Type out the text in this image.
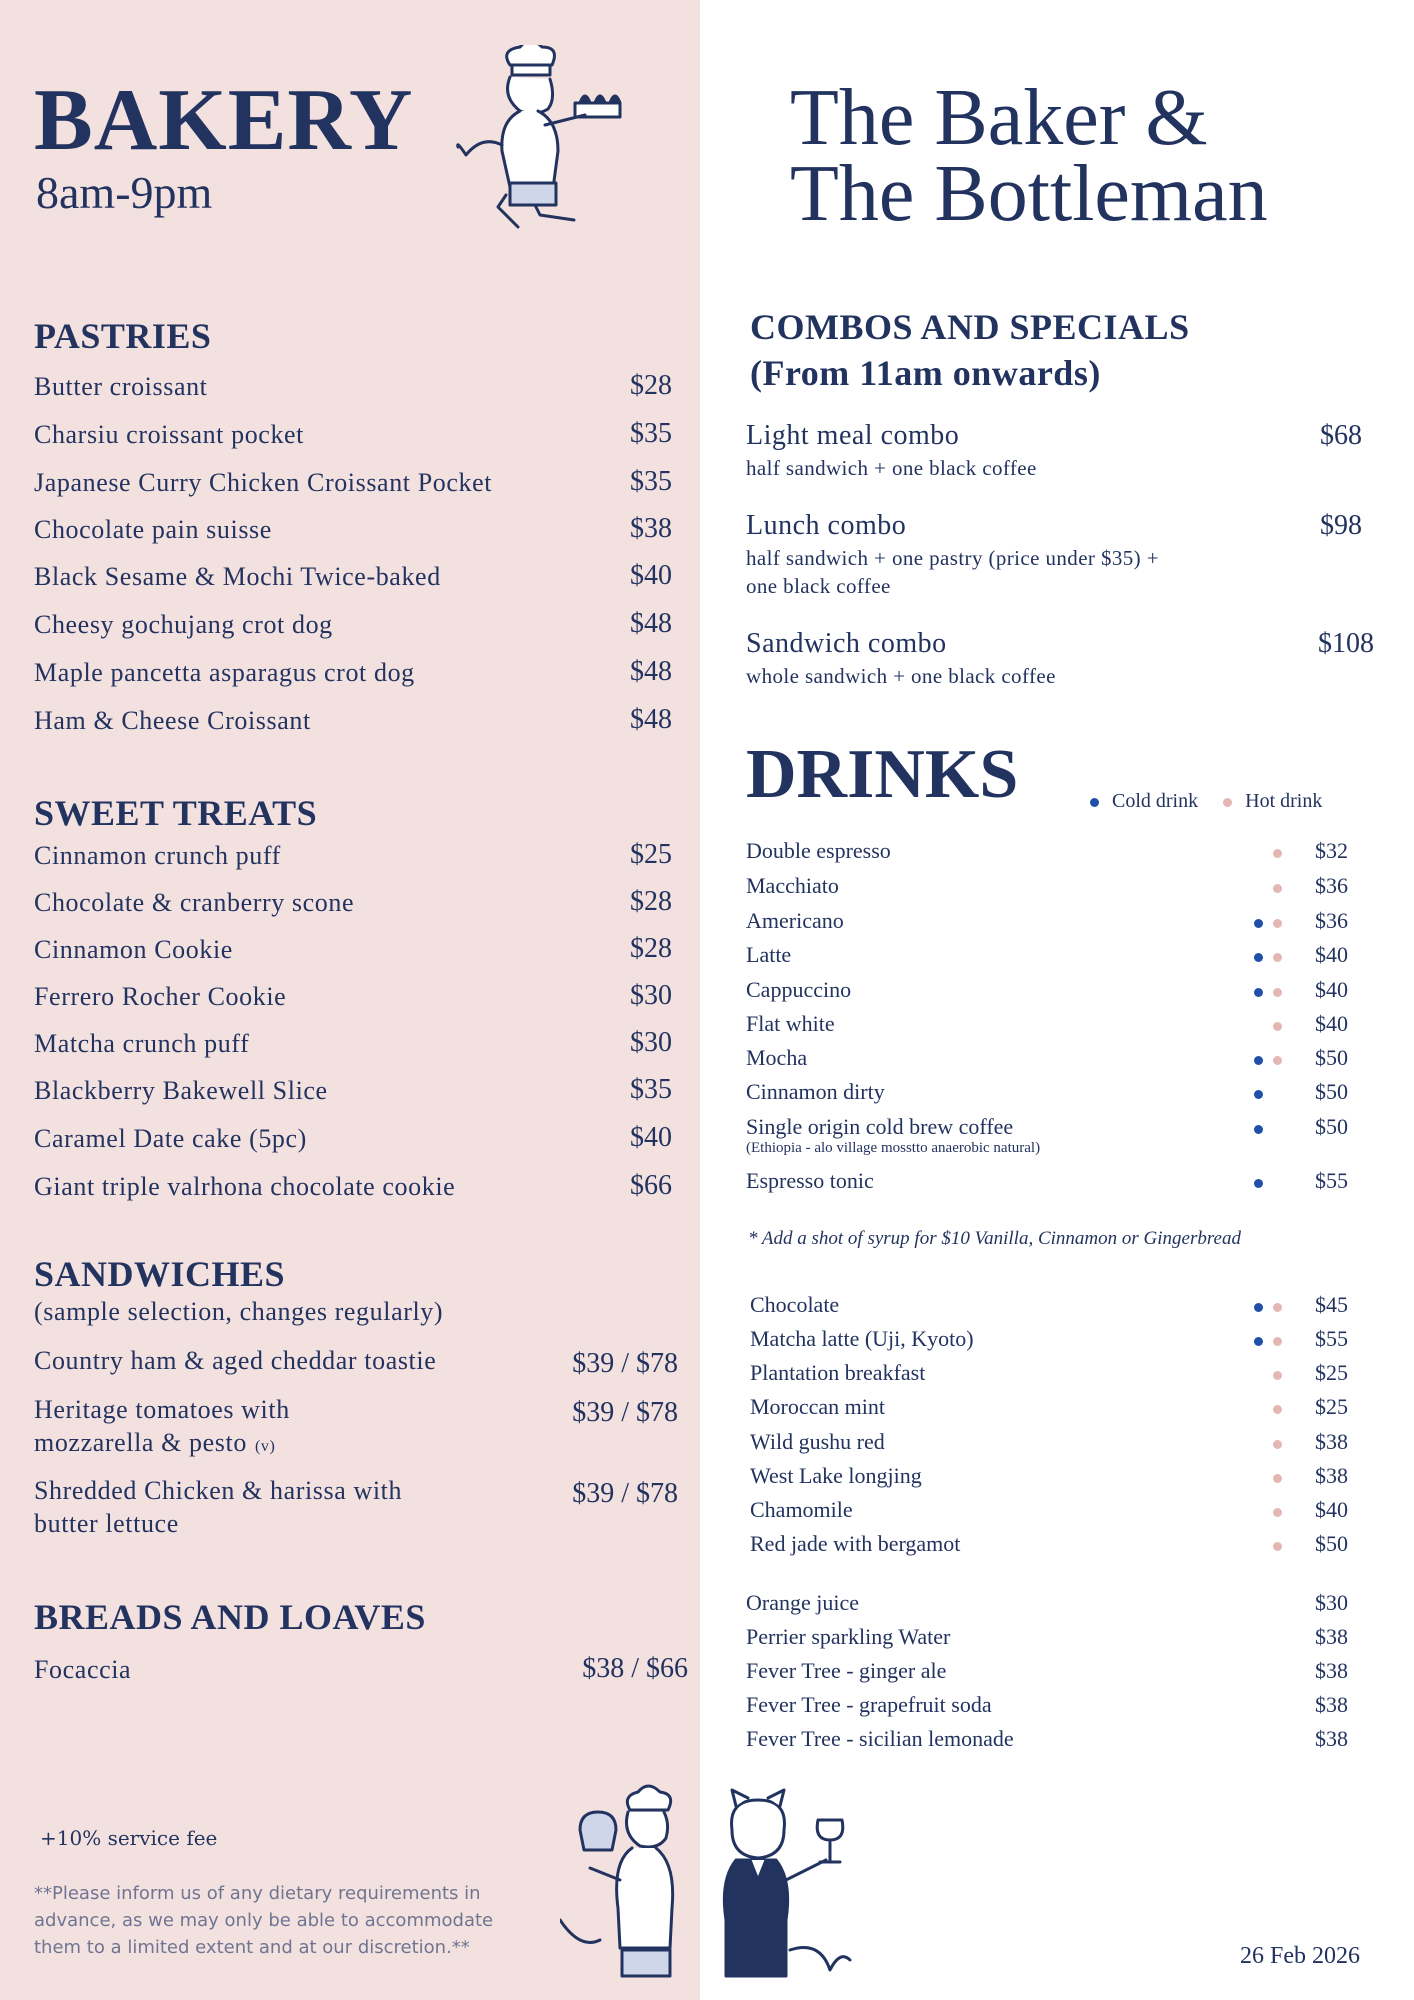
BAKERY
8am-9pm
The Baker &
The Bottleman
PASTRIES
Butter croissant	$28
Charsiu croissant pocket	$35
Japanese Curry Chicken Croissant Pocket	$35
Chocolate pain suisse	$38
Black Sesame & Mochi Twice-baked	$40
Cheesy gochujang crot dog	$48
Maple pancetta asparagus crot dog	$48
Ham & Cheese Croissant	$48
SWEET TREATS
Cinnamon crunch puff	$25
Chocolate & cranberry scone	$28
Cinnamon Cookie	$28
Ferrero Rocher Cookie	$30
Matcha crunch puff	$30
Blackberry Bakewell Slice	$35
Caramel Date cake (5pc)	$40
Giant triple valrhona chocolate cookie	$66
SANDWICHES
(sample selection, changes regularly)
Country ham & aged cheddar toastie	$39 / $78
Heritage tomatoes with
mozzarella & pesto (v)
$39 / $78
Shredded Chicken & harissa with
butter lettuce
$39 / $78
BREADS AND LOAVES
Focaccia	$38 / $66
+10% service fee
**Please inform us of any dietary requirements in advance, as we may only be able to accommodate them to a limited extent and at our discretion.**
COMBOS AND SPECIALS
(From 11am onwards)
Light meal combo
half sandwich + one black coffee
$68
Lunch combo
half sandwich + one pastry (price under $35) +
one black coffee
$98
Sandwich combo
whole sandwich + one black coffee
$108
DRINKS	Cold drink Hot drink
Double espresso	$32
Macchiato	$36
Americano	$36
Latte	$40
Cappuccino	$40
Flat white	$40
Mocha	$50
Cinnamon dirty	$50
Single origin cold brew coffee
(Ethiopia - alo village mosstto anaerobic natural)
$50
Espresso tonic	$55
* Add a shot of syrup for $10 Vanilla, Cinnamon or Gingerbread
Chocolate	$45
Matcha latte (Uji, Kyoto)	$55
Plantation breakfast	$25
Moroccan mint	$25
Wild gushu red	$38
West Lake longjing	$38
Chamomile	$40
Red jade with bergamot	$50
Orange juice	$30
Perrier sparkling Water	$38
Fever Tree - ginger ale	$38
Fever Tree - grapefruit soda	$38
Fever Tree - sicilian lemonade	$38
26 Feb 2026
